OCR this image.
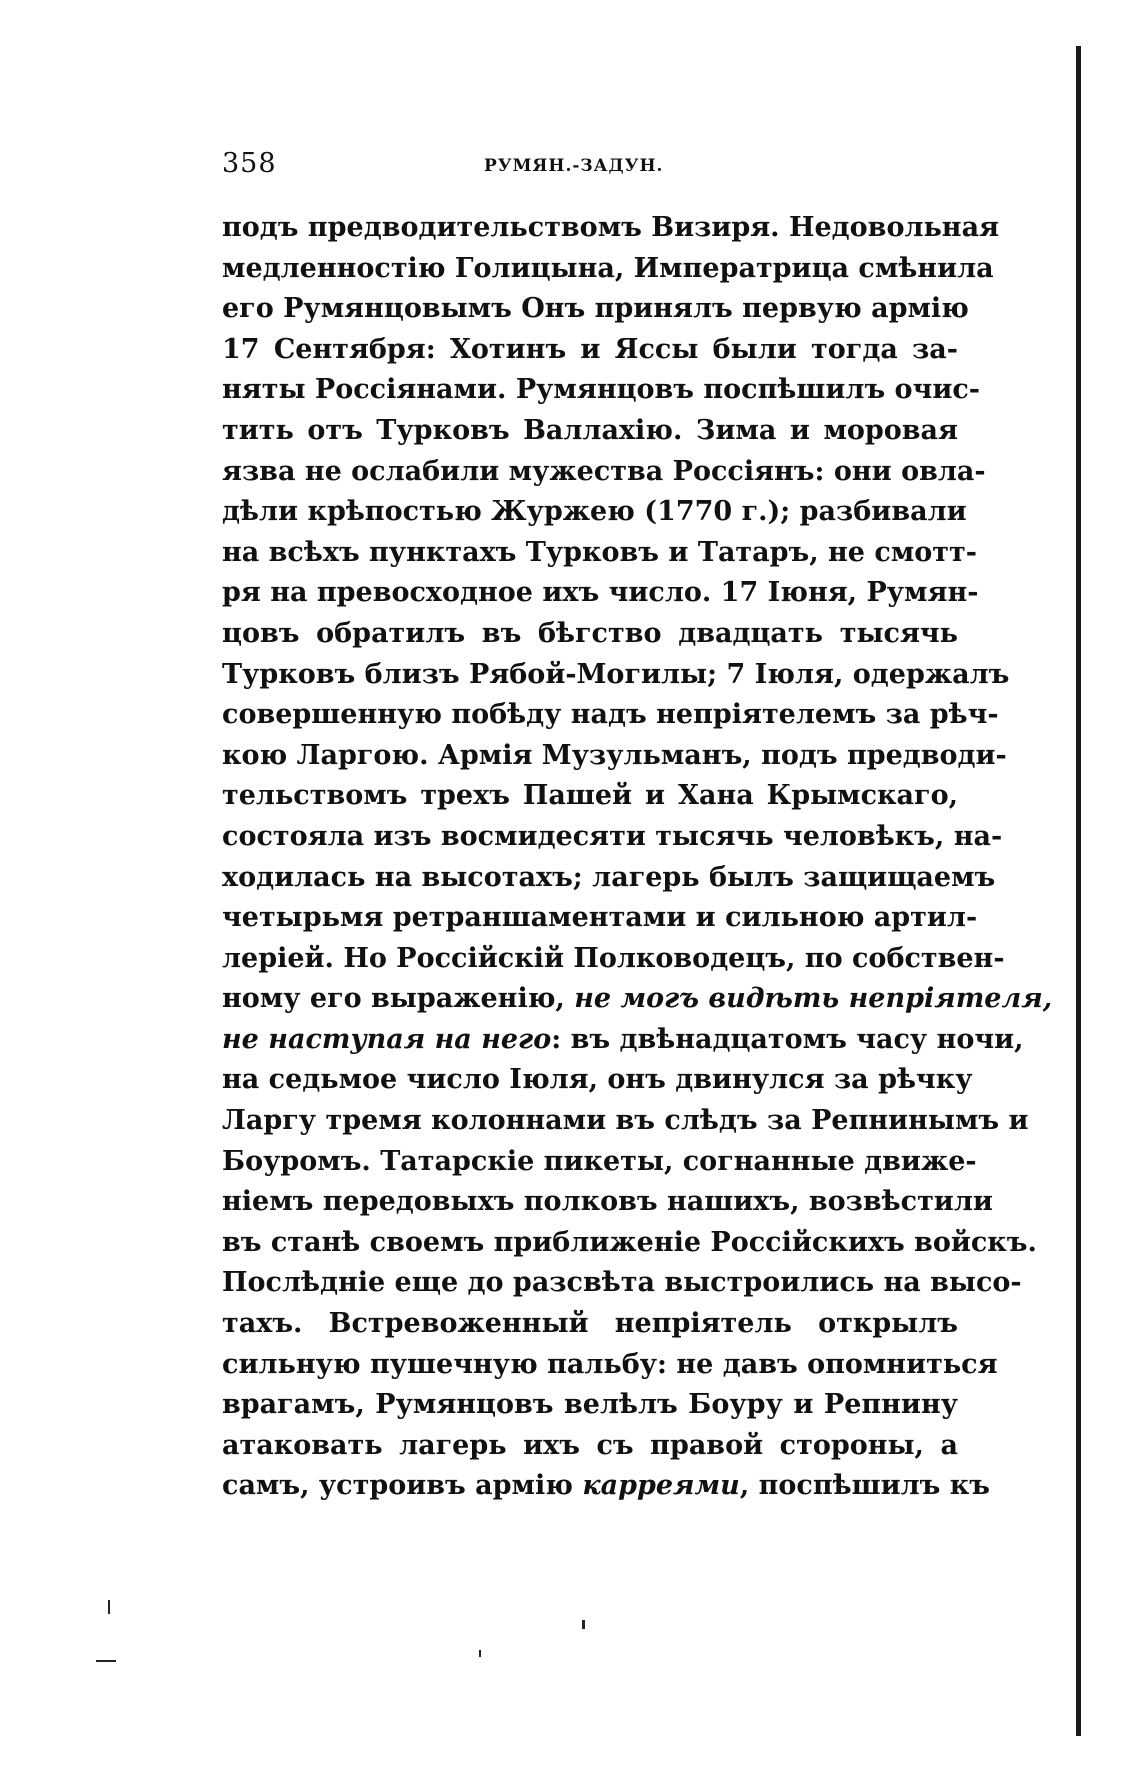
358	РУМЯН.-ЗАДУН.
подъ предводительствомъ Визиря. Недовольная
медленностію Голицына, Императрица смѣнила
его Румянцовымъ Онъ принялъ первую армію
17 Сентября: Хотинъ и Яссы были тогда за-
няты Россіянами. Румянцовъ поспѣшилъ очис-
тить отъ Турковъ Валлахію. Зима и моровая
язва не ослабили мужества Россіянъ: они овла-
дѣли крѣпостью Журжею (1770 г.); разбивали
на всѣхъ пунктахъ Турковъ и Татаръ, не смотт-
ря на превосходное ихъ число. 17 Іюня, Румян-
цовъ обратилъ въ бѣгство двадцать тысячь
Турковъ близъ Рябой-Могилы; 7 Іюля, одержалъ
совершенную побѣду надъ непріятелемъ за рѣч-
кою Ларгою. Армія Музульманъ, подъ предводи-
тельствомъ трехъ Пашей и Хана Крымскаго,
состояла изъ восмидесяти тысячь человѣкъ, на-
ходилась на высотахъ; лагерь былъ защищаемъ
четырьмя ретраншаментами и сильною артил-
леріей. Но Россійскій Полководецъ, по собствен-
ному его выраженію, не могъ видѣть непріятеля,
не наступая на него: въ двѣнадцатомъ часу ночи,
на седьмое число Іюля, онъ двинулся за рѣчку
Ларгу тремя колоннами въ слѣдъ за Репнинымъ и
Боуромъ. Татарскіе пикеты, согнанные движе-
ніемъ передовыхъ полковъ нашихъ, возвѣстили
въ станѣ своемъ приближеніе Россійскихъ войскъ.
Послѣдніе еще до разсвѣта выстроились на высо-
тахъ. Встревоженный непріятель открылъ
сильную пушечную пальбу: не давъ опомниться
врагамъ, Румянцовъ велѣлъ Боуру и Репнину
атаковать лагерь ихъ съ правой стороны, а
самъ, устроивъ армію карреями, поспѣшилъ къ
